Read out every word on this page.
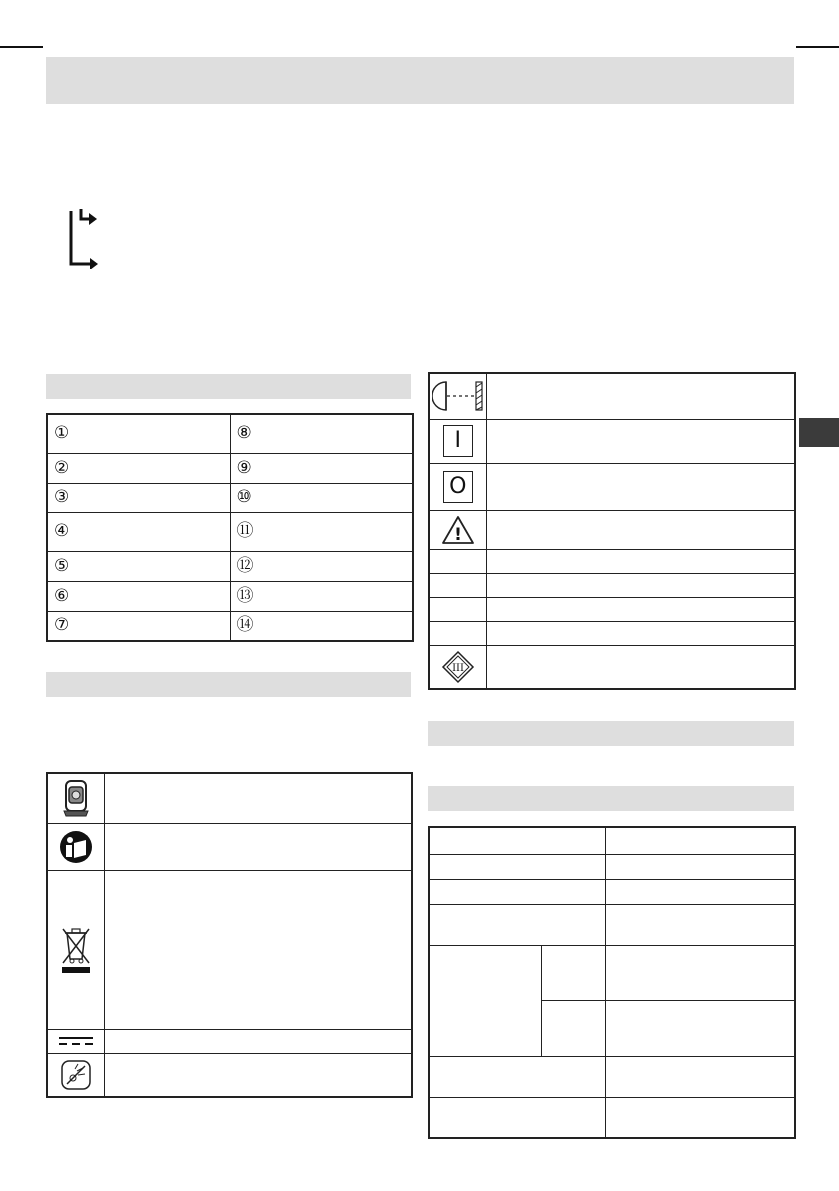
①	⑧
②	⑨
③	⑩
④	⑪
⑤	⑫
⑥	⑬
⑦	⑭

I	

O	

!	

III	
